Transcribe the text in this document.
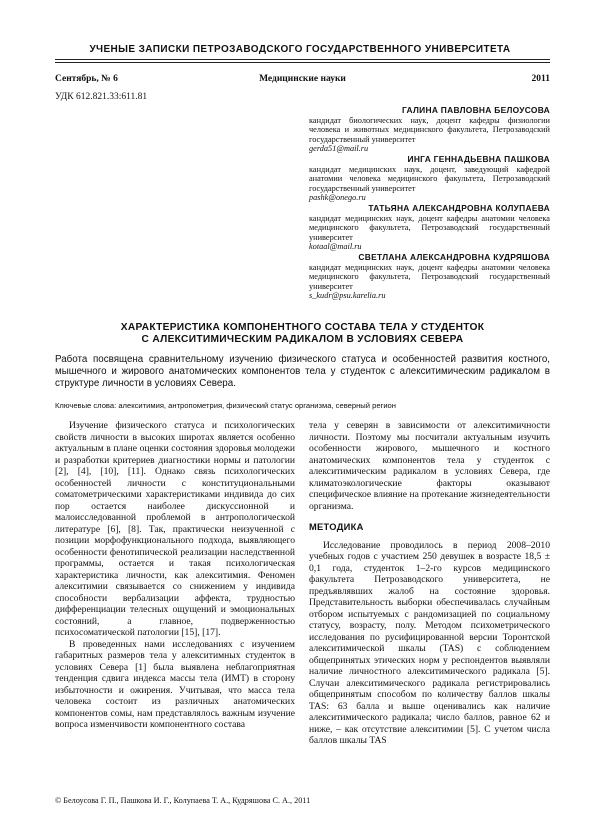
УЧЕНЫЕ ЗАПИСКИ ПЕТРОЗАВОДСКОГО ГОСУДАРСТВЕННОГО УНИВЕРСИТЕТА
Сентябрь, № 6	Медицинские науки	2011
УДК 612.821.33:611.81
ГАЛИНА ПАВЛОВНА БЕЛОУСОВА
кандидат биологических наук, доцент кафедры физиологии человека и животных медицинского факультета, Петрозаводский государственный университет
gerda51@mail.ru
ИНГА ГЕННАДЬЕВНА ПАШКОВА
кандидат медицинских наук, доцент, заведующий кафедрой анатомии человека медицинского факультета, Петрозаводский государственный университет
pashk@onego.ru
ТАТЬЯНА АЛЕКСАНДРОВНА КОЛУПАЕВА
кандидат медицинских наук, доцент кафедры анатомии человека медицинского факультета, Петрозаводский государственный университет
kotaal@mail.ru
СВЕТЛАНА АЛЕКСАНДРОВНА КУДРЯШОВА
кандидат медицинских наук, доцент кафедры анатомии человека медицинского факультета, Петрозаводский государственный университет
s_kudr@psu.karelia.ru
ХАРАКТЕРИСТИКА КОМПОНЕНТНОГО СОСТАВА ТЕЛА У СТУДЕНТОК
С АЛЕКСИТИМИЧЕСКИМ РАДИКАЛОМ В УСЛОВИЯХ СЕВЕРА
Работа посвящена сравнительному изучению физического статуса и особенностей развития костного, мышечного и жирового анатомических компонентов тела у студенток с алекситимическим радикалом в структуре личности в условиях Севера.
Ключевые слова: алекситимия, антропометрия, физический статус организма, северный регион

Изучение физического статуса и психологических свойств личности в высоких широтах является особенно актуальным в плане оценки состояния здоровья молодежи и разработки критериев диагностики нормы и патологии [2], [4], [10], [11]. Однако связь психологических особенностей личности с конституциональными соматометрическими характеристиками индивида до сих пор остается наиболее дискуссионной и малоисследованной проблемой в антропологической литературе [6], [8]. Так, практически неизученной с позиции морфофункционального подхода, выявляющего особенности фенотипической реализации наследственной программы, остается и такая психологическая характеристика личности, как алекситимия. Феномен алекситимии связывается со снижением у индивида способности вербализации аффекта, трудностью дифференциации телесных ощущений и эмоциональных состояний, а главное, подверженностью психосоматической патологии [15], [17].

В проведенных нами исследованиях с изучением габаритных размеров тела у алекситимных студенток в условиях Севера [1] была выявлена неблагоприятная тенденция сдвига индекса массы тела (ИМТ) в сторону избыточности и ожирения. Учитывая, что масса тела человека состоит из различных анатомических компонентов сомы, нам представлялось важным изучение вопроса изменчивости компонентного состава

тела у северян в зависимости от алекситимичности личности. Поэтому мы посчитали актуальным изучить особенности жирового, мышечного и костного анатомических компонентов тела у студенток с алекситимическим радикалом в условиях Севера, где климатоэкологические факторы оказывают специфическое влияние на протекание жизнедеятельности организма.

МЕТОДИКА

Исследование проводилось в период 2008–2010 учебных годов с участием 250 девушек в возрасте 18,5 ± 0,1 года, студенток 1–2-го курсов медицинского факультета Петрозаводского университета, не предъявлявших жалоб на состояние здоровья. Представительность выборки обеспечивалась случайным отбором испытуемых с рандомизацией по социальному статусу, возрасту, полу. Методом психометрического исследования по русифицированной версии Торонтской алекситимической шкалы (TAS) с соблюдением общепринятых этических норм у респондентов выявляли наличие личностного алекситимического радикала [5]. Случаи алекситимического радикала регистрировались общепринятым способом по количеству баллов шкалы TAS: 63 балла и выше оценивались как наличие алекситимического радикала; число баллов, равное 62 и ниже, – как отсутствие алекситимии [5]. С учетом числа баллов шкалы TAS

© Белоусова Г. П., Пашкова И. Г., Колупаева Т. А., Кудряшова С. А., 2011
